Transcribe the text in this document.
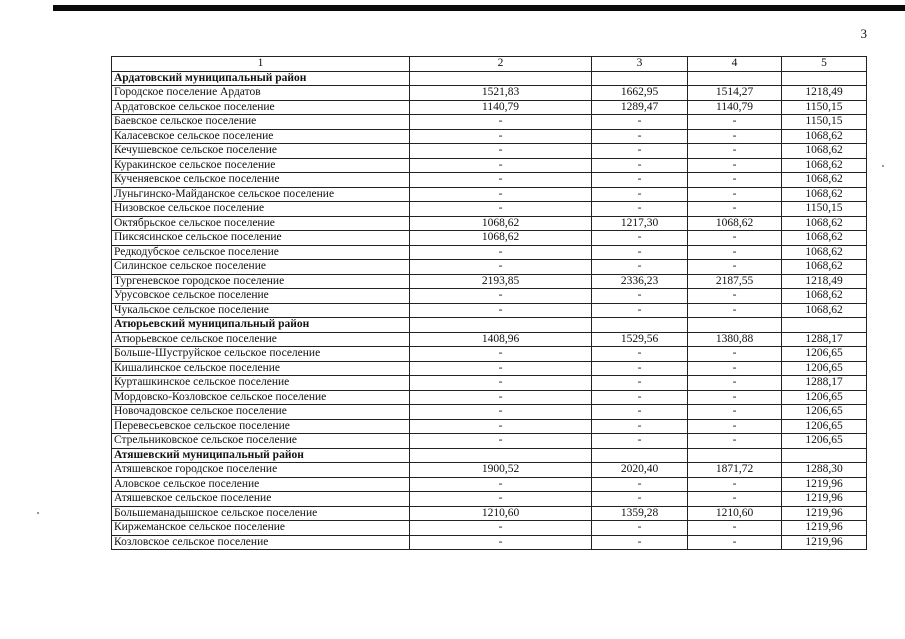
3
1	2	3	4	5
Ардатовский муниципальный район				
Городское поселение Ардатов	1521,83	1662,95	1514,27	1218,49
Ардатовское сельское поселение	1140,79	1289,47	1140,79	1150,15
Баевское сельское поселение	-	-	-	1150,15
Каласевское сельское поселение	-	-	-	1068,62
Кечушевское сельское поселение	-	-	-	1068,62
Куракинское сельское поселение	-	-	-	1068,62
Кученяевское сельское поселение	-	-	-	1068,62
Луньгинско-Майданское сельское поселение	-	-	-	1068,62
Низовское сельское поселение	-	-	-	1150,15
Октябрьское сельское поселение	1068,62	1217,30	1068,62	1068,62
Пиксясинское сельское поселение	1068,62	-	-	1068,62
Редкодубское сельское поселение	-	-	-	1068,62
Силинское сельское поселение	-	-	-	1068,62
Тургеневское городское поселение	2193,85	2336,23	2187,55	1218,49
Урусовское сельское поселение	-	-	-	1068,62
Чукальское сельское поселение	-	-	-	1068,62
Атюрьевский муниципальный район				
Атюрьевское сельское поселение	1408,96	1529,56	1380,88	1288,17
Больше-Шуструйское сельское поселение	-	-	-	1206,65
Кишалинское сельское поселение	-	-	-	1206,65
Курташкинское сельское поселение	-	-	-	1288,17
Мордовско-Козловское сельское поселение	-	-	-	1206,65
Новочадовское сельское поселение	-	-	-	1206,65
Перевесьевское сельское поселение	-	-	-	1206,65
Стрельниковское сельское поселение	-	-	-	1206,65
Атяшевский муниципальный район				
Атяшевское городское поселение	1900,52	2020,40	1871,72	1288,30
Аловское сельское поселение	-	-	-	1219,96
Атяшевское сельское поселение	-	-	-	1219,96
Большеманадышское сельское поселение	1210,60	1359,28	1210,60	1219,96
Киржеманское сельское поселение	-	-	-	1219,96
Козловское сельское поселение	-	-	-	1219,96
